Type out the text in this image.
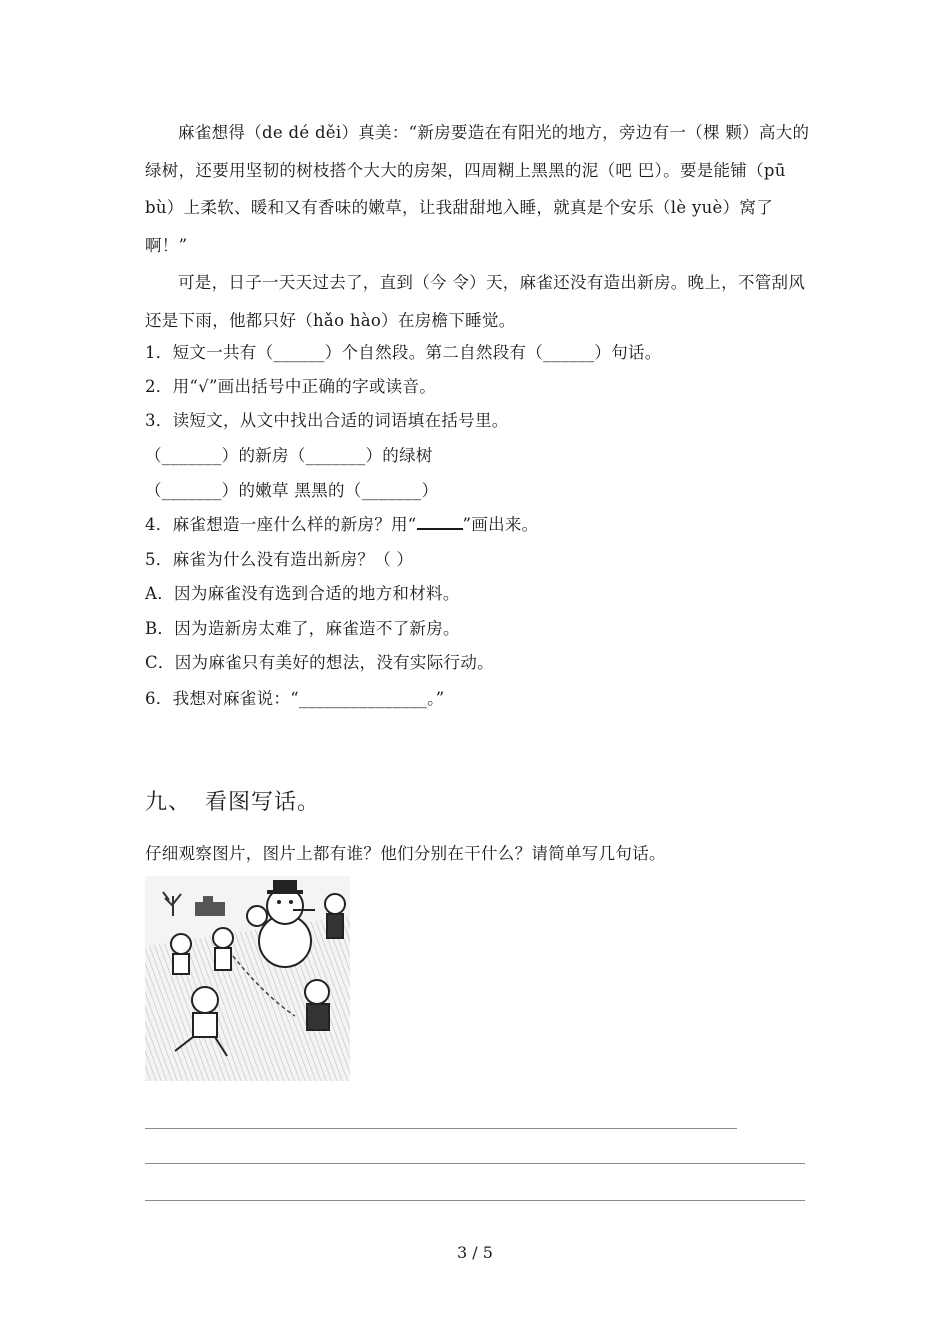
麻雀想得（de dé děi）真美：“新房要造在有阳光的地方，旁边有一（棵 颗）高大的绿树，还要用坚韧的树枝搭个大大的房架，四周糊上黑黑的泥（吧 巴）。要是能铺（pū bù）上柔软、暖和又有香味的嫩草，让我甜甜地入睡，就真是个安乐（lè yuè）窝了啊！”

可是，日子一天天过去了，直到（今 令）天，麻雀还没有造出新房。晚上，不管刮风还是下雨，他都只好（hǎo hào）在房檐下睡觉。

1．短文一共有（______）个自然段。第二自然段有（______）句话。
2．用“√”画出括号中正确的字或读音。
3．读短文，从文中找出合适的词语填在括号里。
（_______）的新房（_______）的绿树
（_______）的嫩草 黑黑的（_______）
4．麻雀想造一座什么样的新房？用“	”画出来。
5．麻雀为什么没有造出新房？（ ）
A．因为麻雀没有选到合适的地方和材料。
B．因为造新房太难了，麻雀造不了新房。
C．因为麻雀只有美好的想法，没有实际行动。
6．我想对麻雀说：“_______________。”
九、 看图写话。
仔细观察图片，图片上都有谁？他们分别在干什么？请简单写几句话。
3 / 5
